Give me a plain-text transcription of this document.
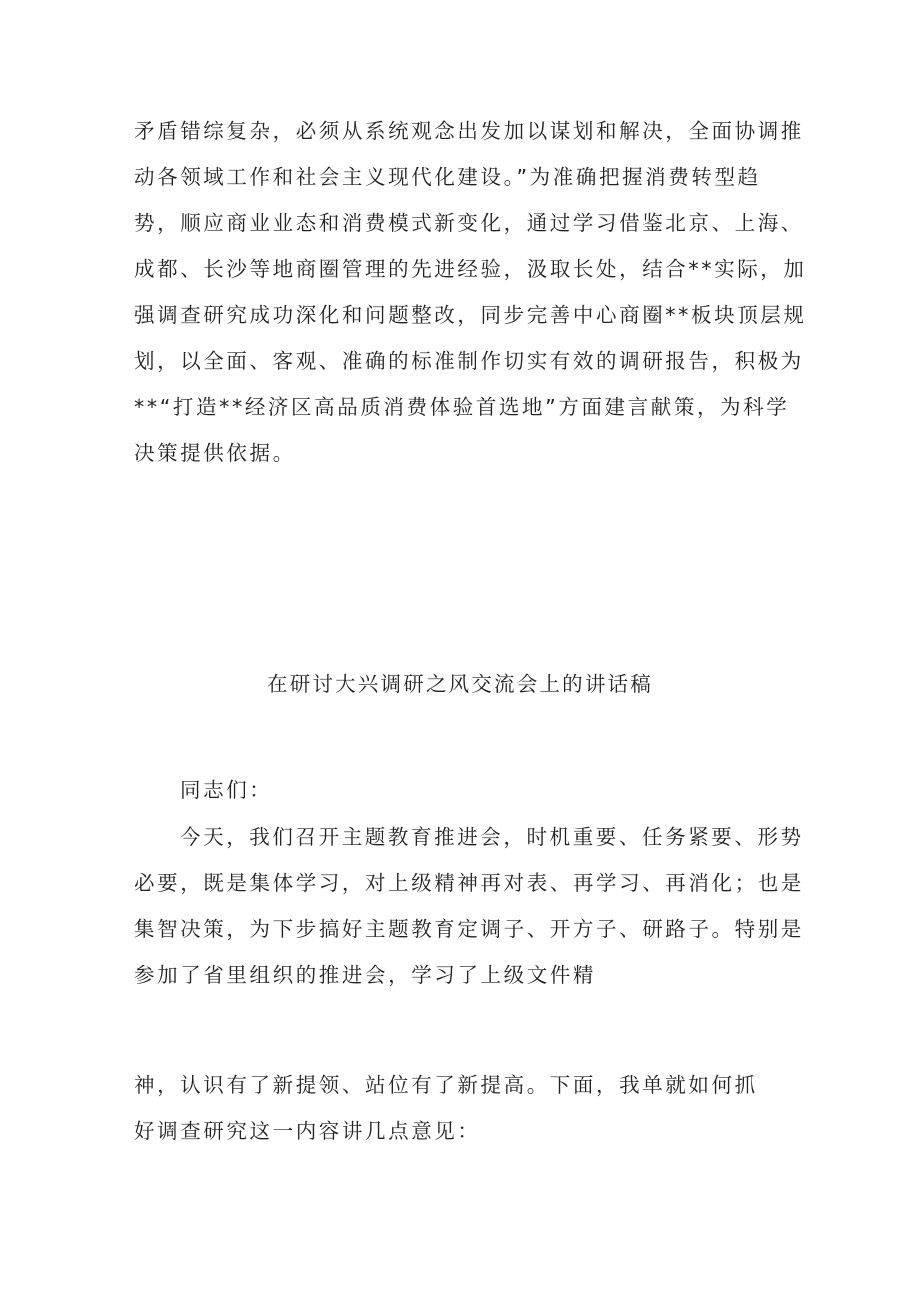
矛盾错综复杂，必须从系统观念出发加以谋划和解决，全面协调推
动各领域工作和社会主义现代化建设。”为准确把握消费转型趋
势，顺应商业业态和消费模式新变化，通过学习借鉴北京、上海、
成都、长沙等地商圈管理的先进经验，汲取长处，结合**实际，加
强调查研究成功深化和问题整改，同步完善中心商圈**板块顶层规
划，以全面、客观、准确的标准制作切实有效的调研报告，积极为
**“打造**经济区高品质消费体验首选地”方面建言献策，为科学
决策提供依据。
在研讨大兴调研之风交流会上的讲话稿
同志们：
今天，我们召开主题教育推进会，时机重要、任务紧要、形势
必要，既是集体学习，对上级精神再对表、再学习、再消化；也是
集智决策，为下步搞好主题教育定调子、开方子、研路子。特别是
参加了省里组织的推进会，学习了上级文件精
神，认识有了新提领、站位有了新提高。下面，我单就如何抓
好调查研究这一内容讲几点意见：
